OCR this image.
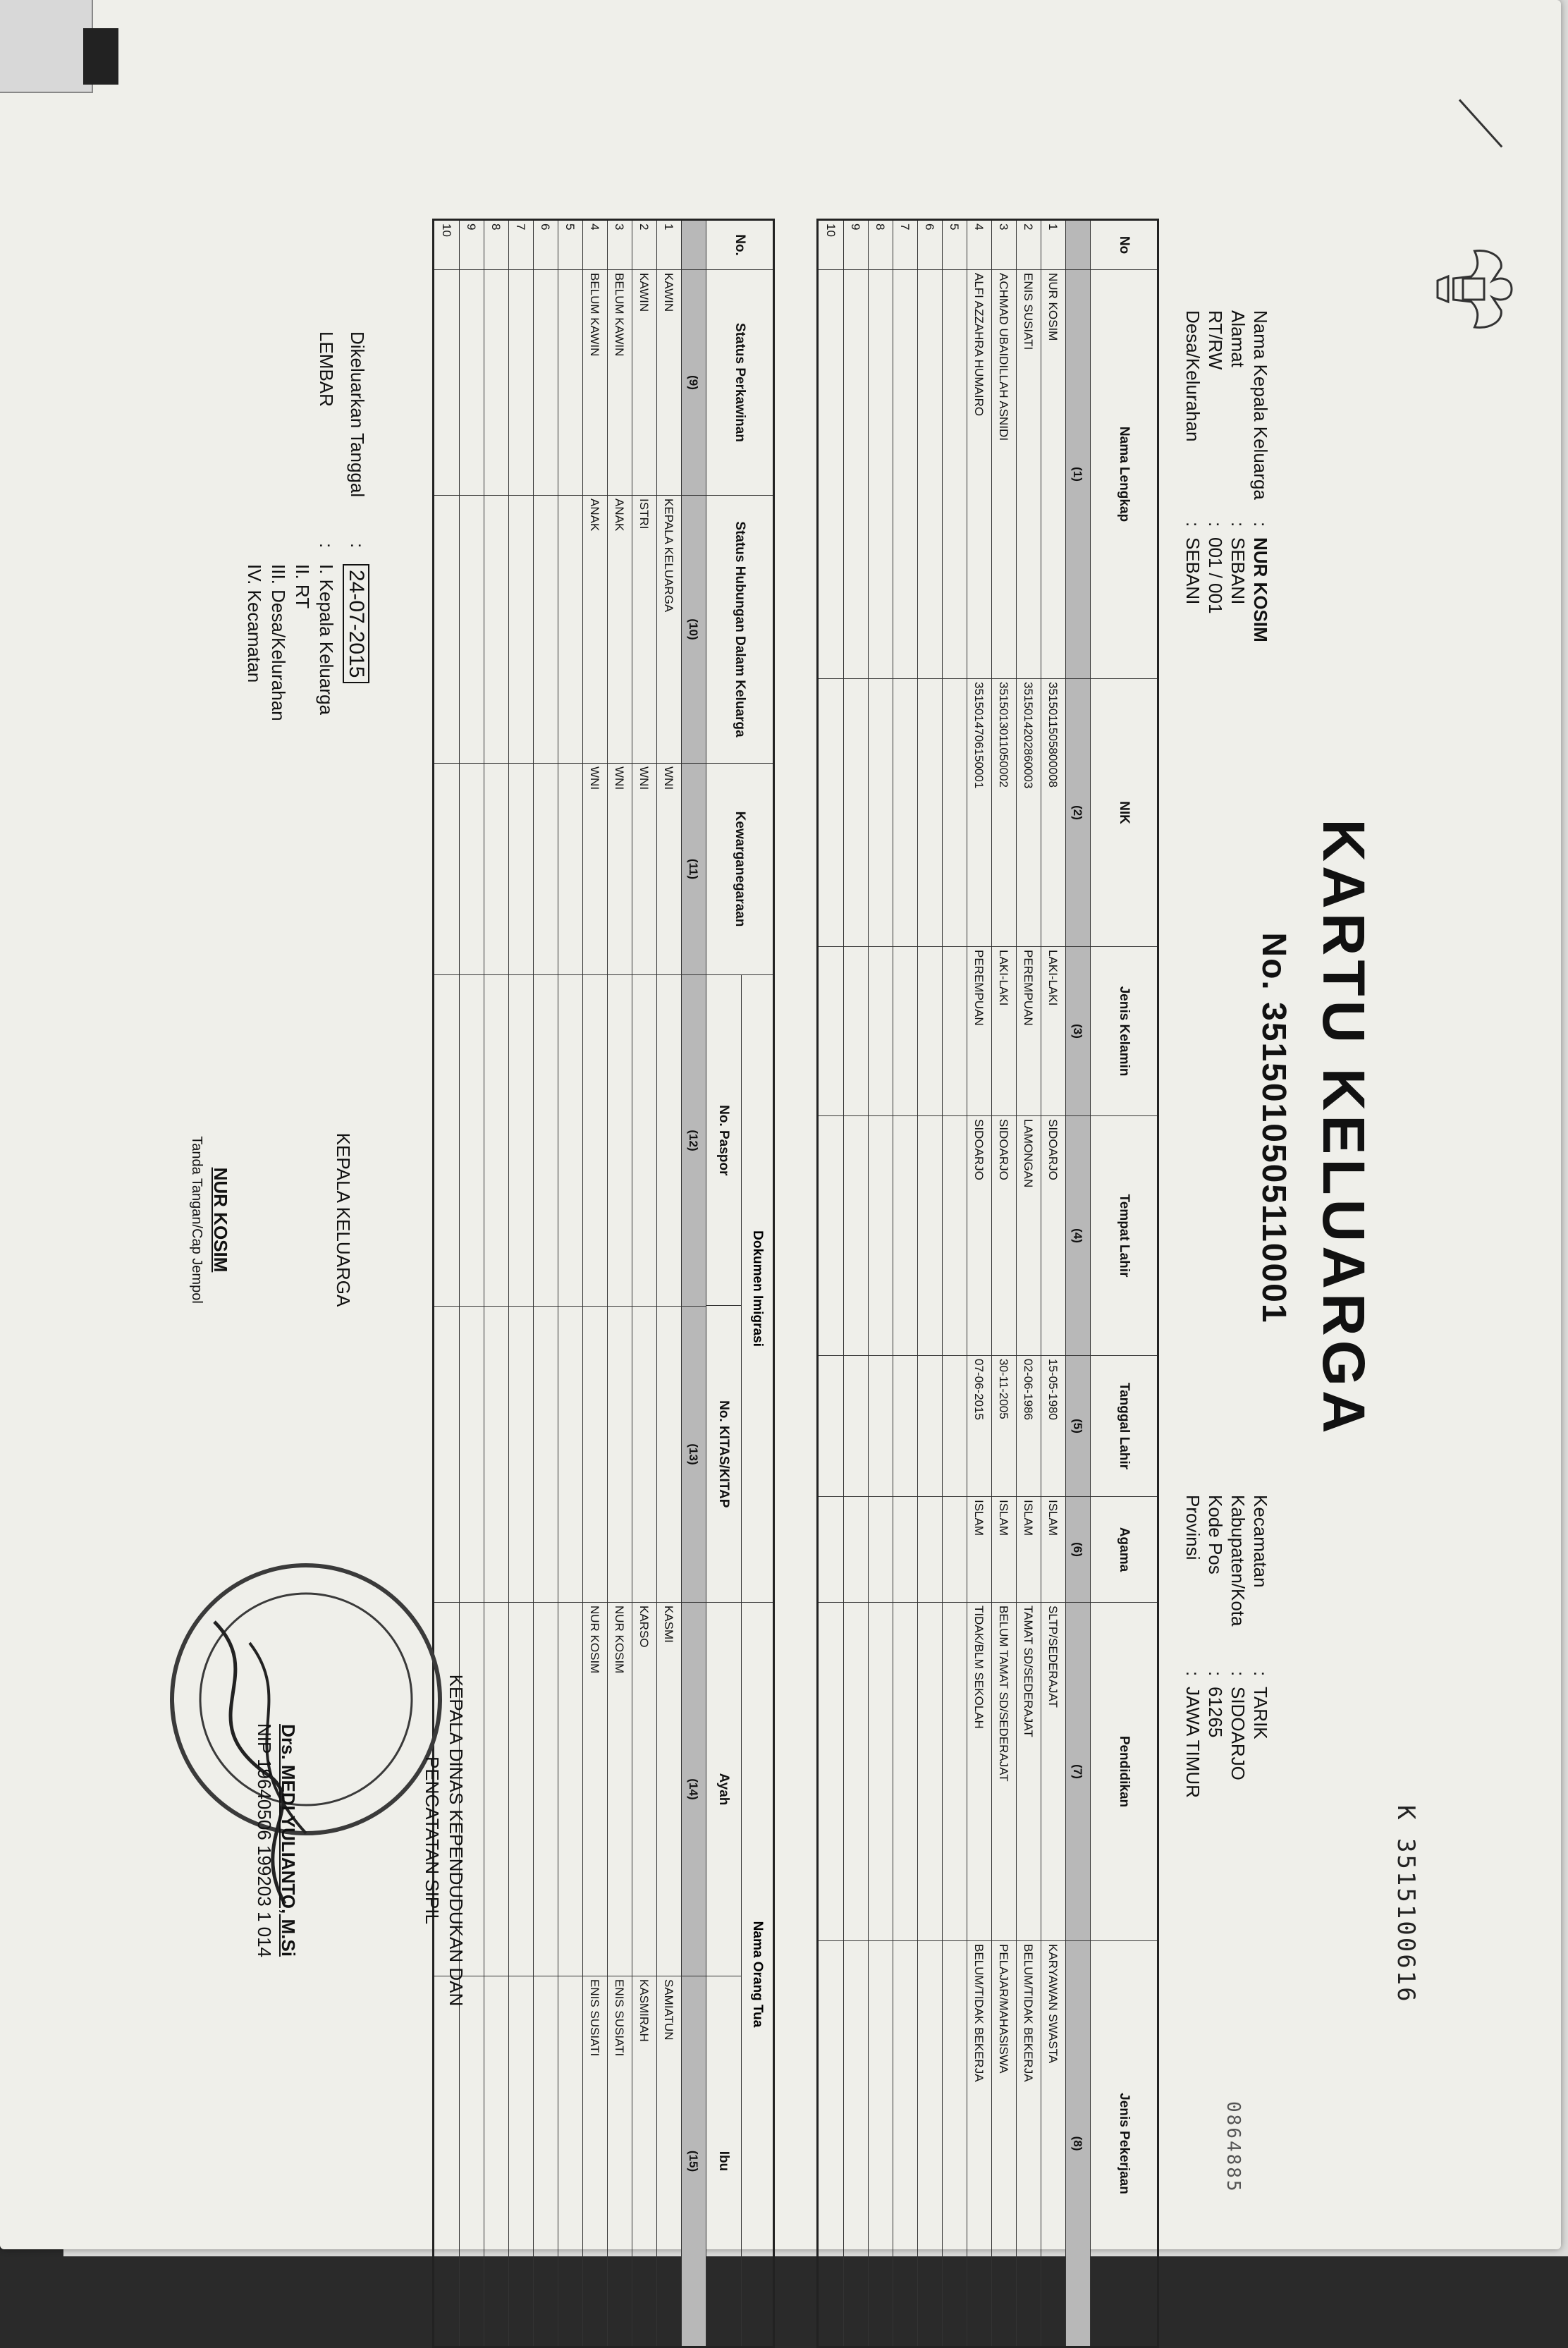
KARTU KELUARGA
No. 3515010505110001
K 3515100616
Nama Kepala Keluarga
:
NUR KOSIM
Alamat
:
SEBANI
RT/RW
:
001 / 001
Desa/Kelurahan
:
SEBANI
Kecamatan
:
TARIK
Kabupaten/Kota
:
SIDOARJO
Kode Pos
:
61265
Provinsi
:
JAWA TIMUR
No
Nama Lengkap
NIK
Jenis Kelamin
Tempat Lahir
Tanggal Lahir
Agama
Pendidikan
Jenis Pekerjaan
(1)
(2)
(3)
(4)
(5)
(6)
(7)
(8)
1
NUR KOSIM
3515011505800008
LAKI-LAKI
SIDOARJO
15-05-1980
ISLAM
SLTP/SEDERAJAT
KARYAWAN SWASTA
2
ENIS SUSIATI
3515014202860003
PEREMPUAN
LAMONGAN
02-06-1986
ISLAM
TAMAT SD/SEDERAJAT
BELUM/TIDAK BEKERJA
3
ACHMAD UBAIDILLAH ASNIDI
3515013011050002
LAKI-LAKI
SIDOARJO
30-11-2005
ISLAM
BELUM TAMAT SD/SEDERAJAT
PELAJAR/MAHASISWA
4
ALFI AZZAHRA HUMAIRO
3515014706150001
PEREMPUAN
SIDOARJO
07-06-2015
ISLAM
TIDAK/BLM SEKOLAH
BELUM/TIDAK BEKERJA
5
6
7
8
9
10
No.
Status Perkawinan
Status Hubungan Dalam Keluarga
Kewarganegaraan
Dokumen Imigrasi
No. Paspor
No. KITAS/KITAP
Nama Orang Tua
Ayah
Ibu
(9)
(10)
(11)
(12)
(13)
(14)
(15)
1
KAWIN
KEPALA KELUARGA
WNI
KASMI
SAMIATUN
2
KAWIN
ISTRI
WNI
KARSO
KASMIRAH
3
BELUM KAWIN
ANAK
WNI
NUR KOSIM
ENIS SUSIATI
4
BELUM KAWIN
ANAK
WNI
NUR KOSIM
ENIS SUSIATI
5
6
7
8
9
10
Dikeluarkan Tanggal
:
24-07-2015
LEMBAR
:
I. Kepala Keluarga
II. RT
III. Desa/Kelurahan
IV. Kecamatan
KEPALA KELUARGA
NUR KOSIM
Tanda Tangan/Cap Jempol
KEPALA DINAS KEPENDUDUKAN DAN
PENCATATAN SIPIL
Drs. MEDI YULIANTO, M.Si
NIP 19640506 199203 1 014
0864885
